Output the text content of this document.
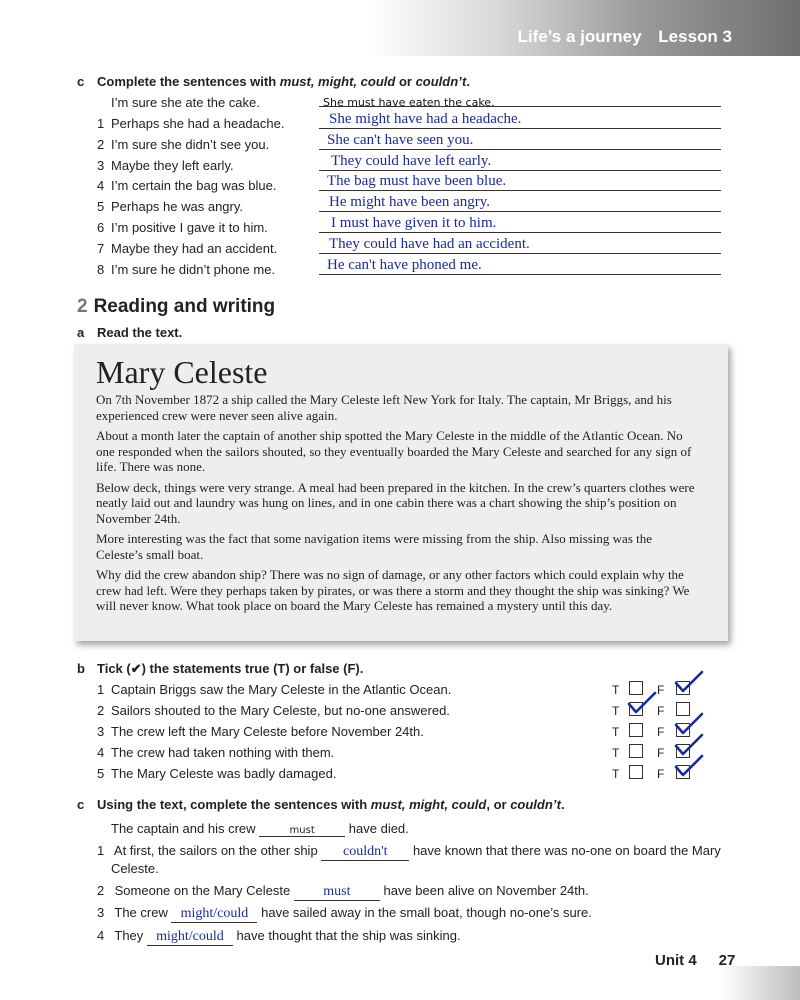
Life’s a journey Lesson 3
c Complete the sentences with must, might, could or couldn’t.
I’m sure she ate the cake.	She must have eaten the cake.
1 Perhaps she had a headache.	She might have had a headache.
2 I’m sure she didn’t see you.	She can't have seen you.
3 Maybe they left early.	They could have left early.
4 I’m certain the bag was blue.	The bag must have been blue.
5 Perhaps he was angry.	He might have been angry.
6 I’m positive I gave it to him.	I must have given it to him.
7 Maybe they had an accident.	They could have had an accident.
8 I’m sure he didn’t phone me.	He can't have phoned me.
2 Reading and writing
a Read the text.
Mary Celeste

On 7th November 1872 a ship called the Mary Celeste left New York for Italy. The captain, Mr Briggs, and his experienced crew were never seen alive again.

About a month later the captain of another ship spotted the Mary Celeste in the middle of the Atlantic Ocean. No one responded when the sailors shouted, so they eventually boarded the Mary Celeste and searched for any sign of life. There was none.

Below deck, things were very strange. A meal had been prepared in the kitchen. In the crew’s quarters clothes were neatly laid out and laundry was hung on lines, and in one cabin there was a chart showing the ship’s position on November 24th.

More interesting was the fact that some navigation items were missing from the ship. Also missing was the Celeste’s small boat.

Why did the crew abandon ship? There was no sign of damage, or any other factors which could explain why the crew had left. Were they perhaps taken by pirates, or was there a storm and they thought the ship was sinking? We will never know. What took place on board the Mary Celeste has remained a mystery until this day.

b Tick (✔) the statements true (T) or false (F).
1 Captain Briggs saw the Mary Celeste in the Atlantic Ocean.	T	F
2 Sailors shouted to the Mary Celeste, but no-one answered.	T	F
3 The crew left the Mary Celeste before November 24th.	T	F
4 The crew had taken nothing with them.	T	F
5 The Mary Celeste was badly damaged.	T	F
c Using the text, complete the sentences with must, might, could, or couldn’t.
The captain and his crew	must	have died.
1 At first, the sailors on the other ship couldn't have known that there was no-one on board the Mary
Celeste.
2 Someone on the Mary Celeste must	have been alive on November 24th.
3 The crew might/could have sailed away in the small boat, though no-one’s sure.
4 They might/could have thought that the ship was sinking.
Unit 4 27
